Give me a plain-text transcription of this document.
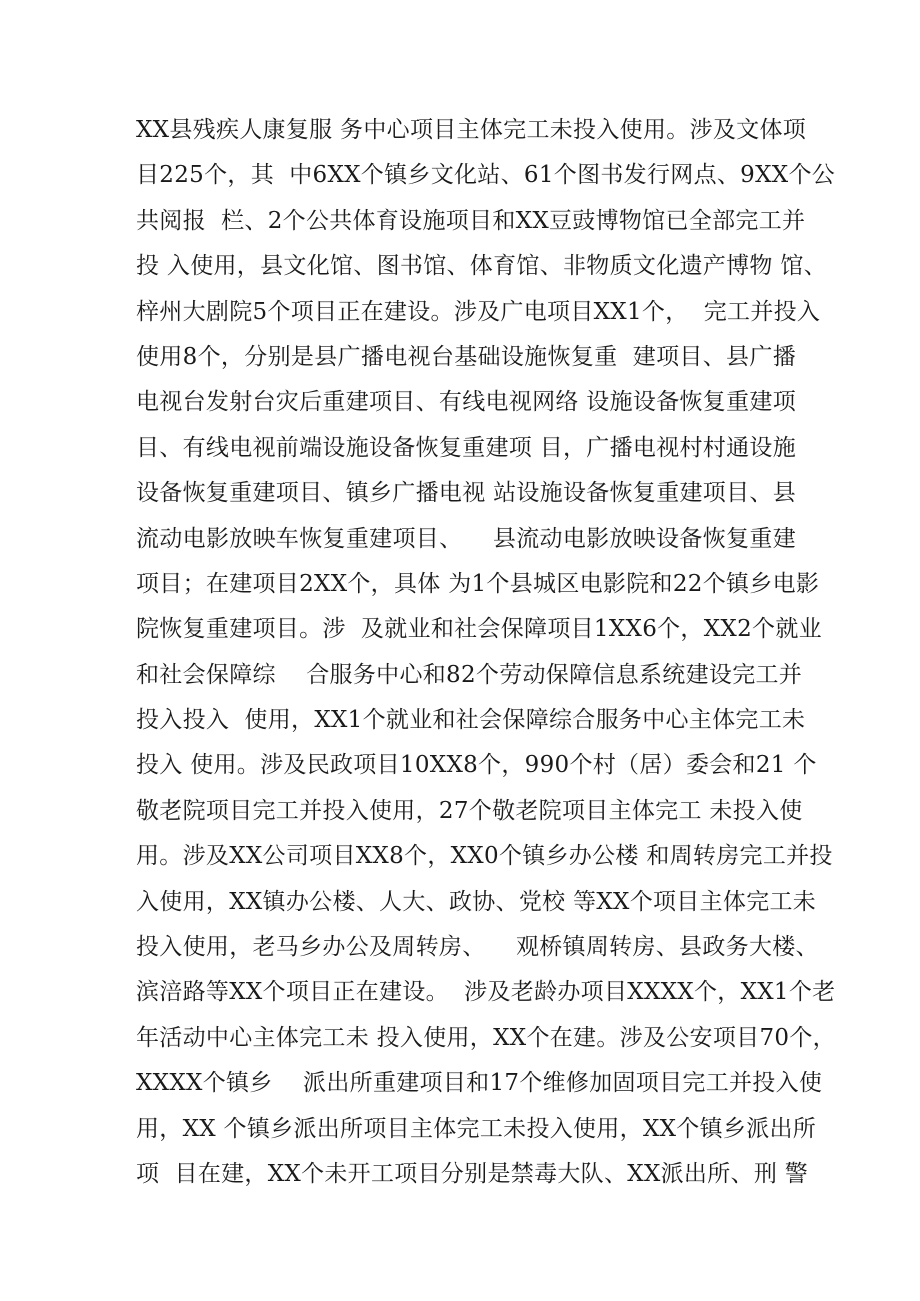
XX县残疾人康复服 务中心项目主体完工未投入使用。涉及文体项
目225个，其  中6XX个镇乡文化站、61个图书发行网点、9XX个公
共阅报  栏、2个公共体育设施项目和XX豆豉博物馆已全部完工并
投 入使用，县文化馆、图书馆、体育馆、非物质文化遗产博物 馆、
梓州大剧院5个项目正在建设。涉及广电项目XX1个，  完工并投入
使用8个，分别是县广播电视台基础设施恢复重  建项目、县广播
电视台发射台灾后重建项目、有线电视网络 设施设备恢复重建项
目、有线电视前端设施设备恢复重建项 目，广播电视村村通设施
设备恢复重建项目、镇乡广播电视 站设施设备恢复重建项目、县
流动电影放映车恢复重建项目、    县流动电影放映设备恢复重建
项目；在建项目2XX个，具体 为1个县城区电影院和22个镇乡电影
院恢复重建项目。涉  及就业和社会保障项目1XX6个，XX2个就业
和社会保障综    合服务中心和82个劳动保障信息系统建设完工并
投入投入  使用，XX1个就业和社会保障综合服务中心主体完工未
投入 使用。涉及民政项目10XX8个，990个村（居）委会和21 个
敬老院项目完工并投入使用，27个敬老院项目主体完工 未投入使
用。涉及XX公司项目XX8个，XX0个镇乡办公楼 和周转房完工并投
入使用，XX镇办公楼、人大、政协、党校 等XX个项目主体完工未
投入使用，老马乡办公及周转房、    观桥镇周转房、县政务大楼、
滨涪路等XX个项目正在建设。  涉及老龄办项目XXXX个，XX1个老
年活动中心主体完工未 投入使用，XX个在建。涉及公安项目70个，
XXXX个镇乡    派出所重建项目和17个维修加固项目完工并投入使
用，XX 个镇乡派出所项目主体完工未投入使用，XX个镇乡派出所
项  目在建，XX个未开工项目分别是禁毒大队、XX派出所、刑 警
